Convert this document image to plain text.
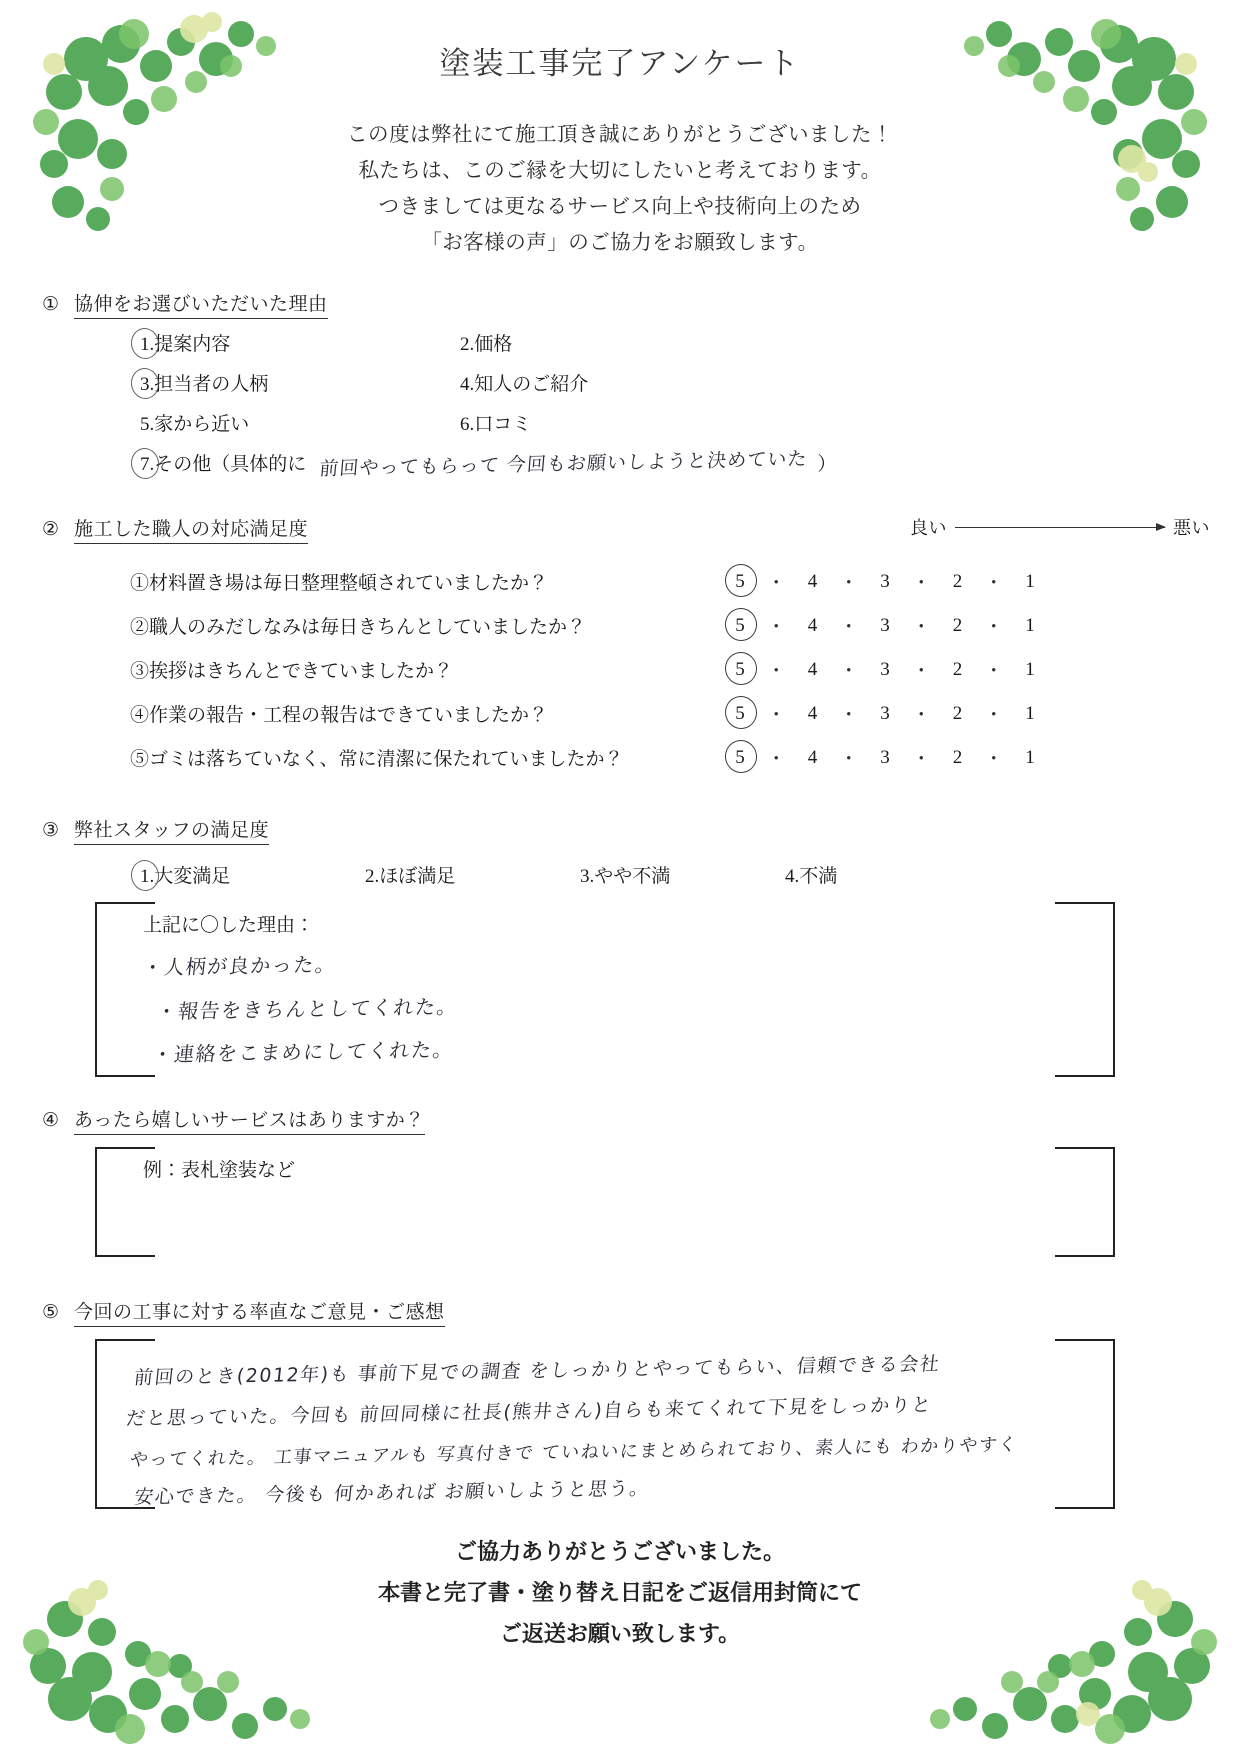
塗装工事完了アンケート
この度は弊社にて施工頂き誠にありがとうございました！
私たちは、このご縁を大切にしたいと考えております。
つきましては更なるサービス向上や技術向上のため
「お客様の声」のご協力をお願致します。
① 協伸をお選びいただいた理由
1.提案内容	2.価格
3.担当者の人柄	4.知人のご紹介
5.家から近い	6.口コミ
7.その他（具体的に 前回やってもらって 今回もお願いしようと決めていた ）
② 施工した職人の対応満足度	良い	悪い
①材料置き場は毎日整理整頓されていましたか？	5 ・ 4 ・ 3 ・ 2 ・ 1
②職人のみだしなみは毎日きちんとしていましたか？	5 ・ 4 ・ 3 ・ 2 ・ 1
③挨拶はきちんとできていましたか？	5 ・ 4 ・ 3 ・ 2 ・ 1
④作業の報告・工程の報告はできていましたか？	5 ・ 4 ・ 3 ・ 2 ・ 1
⑤ゴミは落ちていなく、常に清潔に保たれていましたか？	5 ・ 4 ・ 3 ・ 2 ・ 1
③ 弊社スタッフの満足度
1.大変満足	2.ほぼ満足	3.やや不満	4.不満
上記に〇した理由：
・人柄が良かった。
・報告をきちんとしてくれた。
・連絡をこまめにしてくれた。
④ あったら嬉しいサービスはありますか？
例：表札塗装など
⑤ 今回の工事に対する率直なご意見・ご感想
前回のとき(2012年)も 事前下見での調査 をしっかりとやってもらい、信頼できる会社
だと思っていた。今回も 前回同様に社長(熊井さん)自らも来てくれて下見をしっかりと
やってくれた。 工事マニュアルも 写真付きで ていねいにまとめられており、素人にも わかりやすく
安心できた。 今後も 何かあれば お願いしようと思う。
ご協力ありがとうございました。
本書と完了書・塗り替え日記をご返信用封筒にて
ご返送お願い致します。
